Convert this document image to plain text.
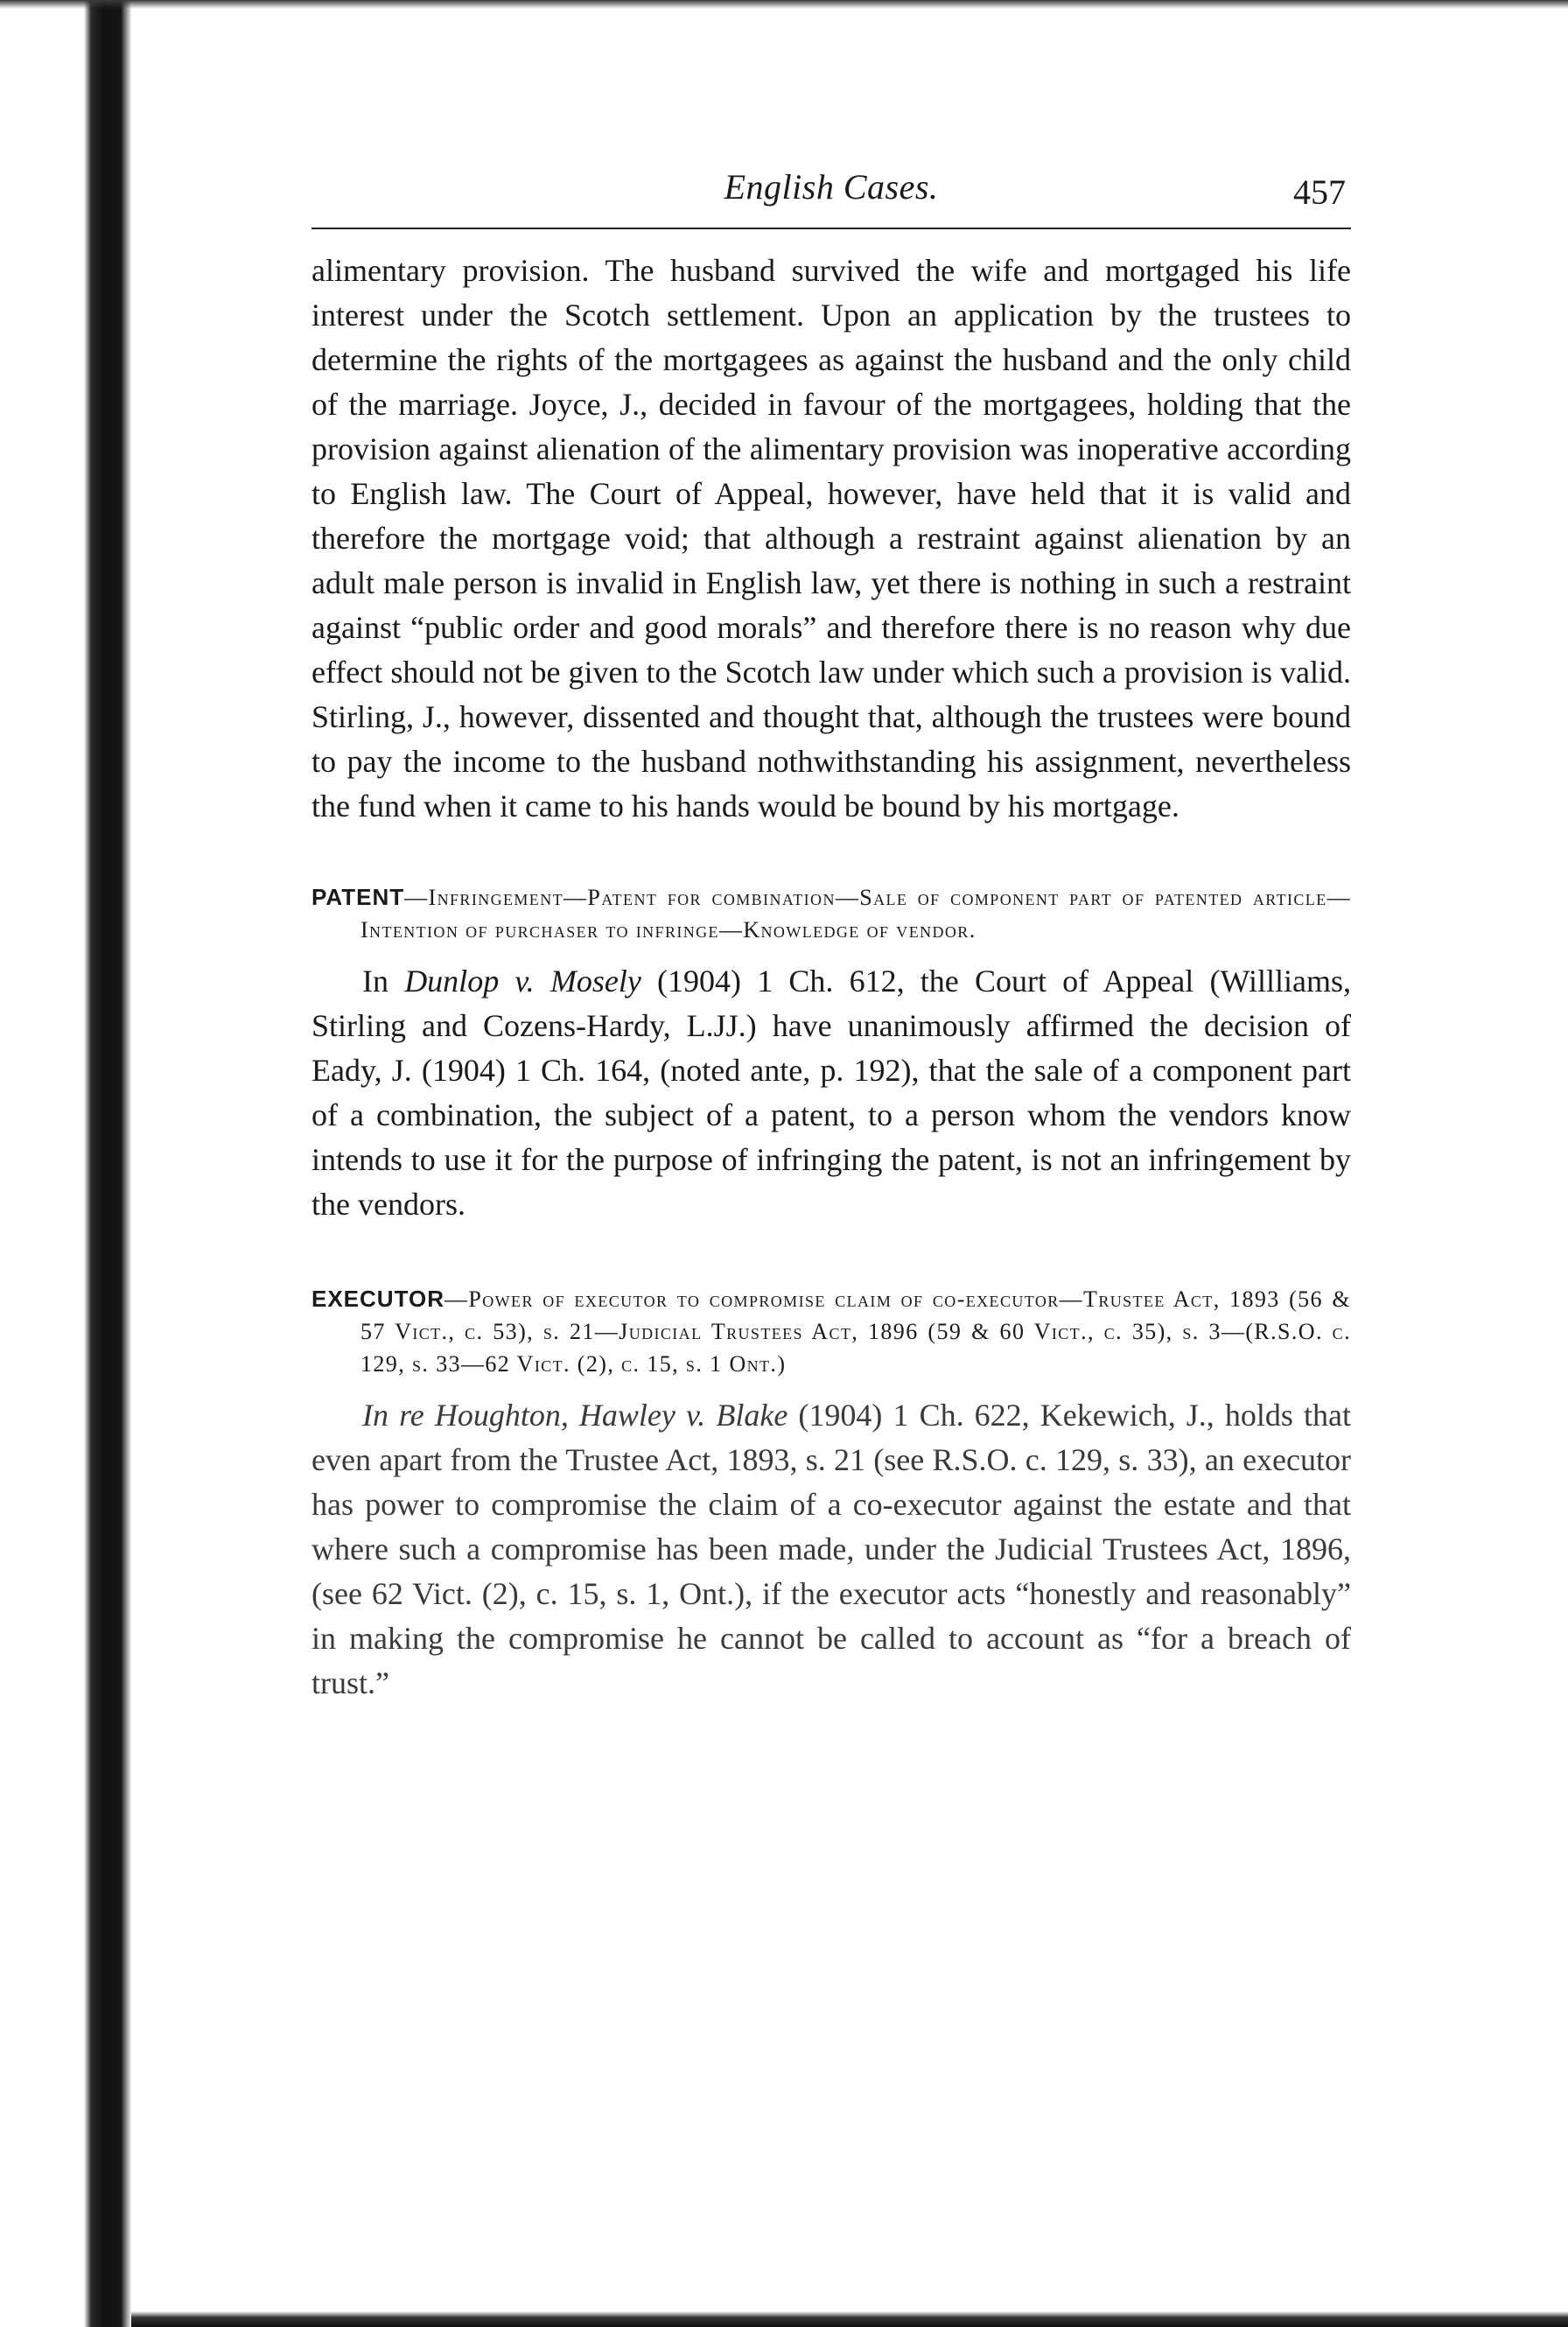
English Cases.	457

alimentary provision. The husband survived the wife and mortgaged his life interest under the Scotch settlement. Upon an application by the trustees to determine the rights of the mortgagees as against the husband and the only child of the marriage. Joyce, J., decided in favour of the mortgagees, holding that the provision against alienation of the alimentary provision was inoperative according to English law. The Court of Appeal, however, have held that it is valid and therefore the mortgage void; that although a restraint against alienation by an adult male person is invalid in English law, yet there is nothing in such a restraint against “public order and good morals” and therefore there is no reason why due effect should not be given to the Scotch law under which such a provision is valid. Stirling, J., however, dissented and thought that, although the trustees were bound to pay the income to the husband nothwithstanding his assignment, nevertheless the fund when it came to his hands would be bound by his mortgage.

PATENT—Infringement—Patent for combination—Sale of component part of patented article—Intention of purchaser to infringe—Knowledge of vendor.

In Dunlop v. Mosely (1904) 1 Ch. 612, the Court of Appeal (Willliams, Stirling and Cozens-Hardy, L.JJ.) have unanimously affirmed the decision of Eady, J. (1904) 1 Ch. 164, (noted ante, p. 192), that the sale of a component part of a combination, the subject of a patent, to a person whom the vendors know intends to use it for the purpose of infringing the patent, is not an infringement by the vendors.

EXECUTOR—Power of executor to compromise claim of co-executor—Trustee Act, 1893 (56 & 57 Vict., c. 53), s. 21—Judicial Trustees Act, 1896 (59 & 60 Vict., c. 35), s. 3—(R.S.O. c. 129, s. 33—62 Vict. (2), c. 15, s. 1 Ont.)

In re Houghton, Hawley v. Blake (1904) 1 Ch. 622, Kekewich, J., holds that even apart from the Trustee Act, 1893, s. 21 (see R.S.O. c. 129, s. 33), an executor has power to compromise the claim of a co-executor against the estate and that where such a compromise has been made, under the Judicial Trustees Act, 1896, (see 62 Vict. (2), c. 15, s. 1, Ont.), if the executor acts “honestly and reasonably” in making the compromise he cannot be called to account as “for a breach of trust.”
